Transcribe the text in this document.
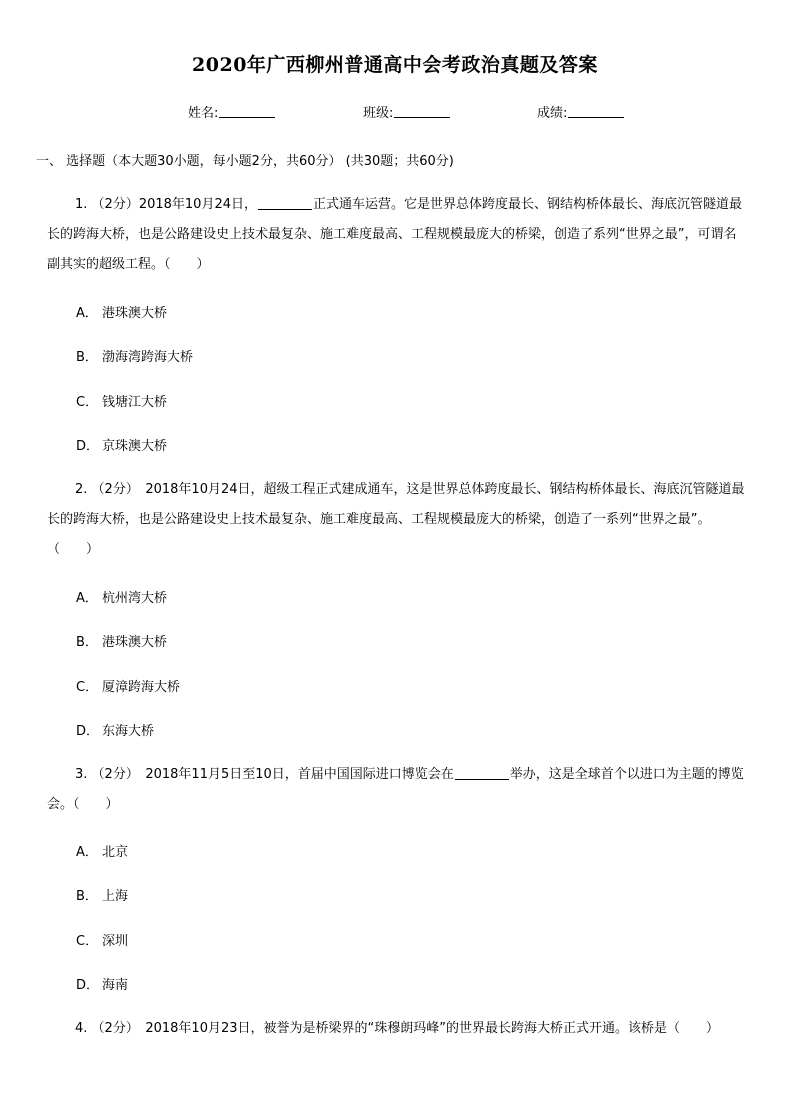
2020年广西柳州普通高中会考政治真题及答案
姓名:	班级:	成绩:
一、 选择题（本大题30小题，每小题2分，共60分） (共30题；共60分)
1. （2分）2018年10月24日，	正式通车运营。它是世界总体跨度最长、钢结构桥体最长、海底沉管隧道最长的跨海大桥，也是公路建设史上技术最复杂、施工难度最高、工程规模最庞大的桥梁，创造了系列“世界之最”，可谓名副其实的超级工程。（　　）
A． 港珠澳大桥
B． 渤海湾跨海大桥
C． 钱塘江大桥
D． 京珠澳大桥
2. （2分）　 2018年10月24日，超级工程正式建成通车，这是世界总体跨度最长、钢结构桥体最长、海底沉管隧道最长的跨海大桥，也是公路建设史上技术最复杂、施工难度最高、工程规模最庞大的桥梁，创造了一系列“世界之最”。（　　）
A． 杭州湾大桥
B． 港珠澳大桥
C． 厦漳跨海大桥
D． 东海大桥
3. （2分）　 2018年11月5日至10日，首届中国国际进口博览会在	举办，这是全球首个以进口为主题的博览会。（　　）
A． 北京
B． 上海
C． 深圳
D． 海南
4. （2分）　 2018年10月23日，被誉为是桥梁界的“珠穆朗玛峰”的世界最长跨海大桥正式开通。该桥是（　　）
